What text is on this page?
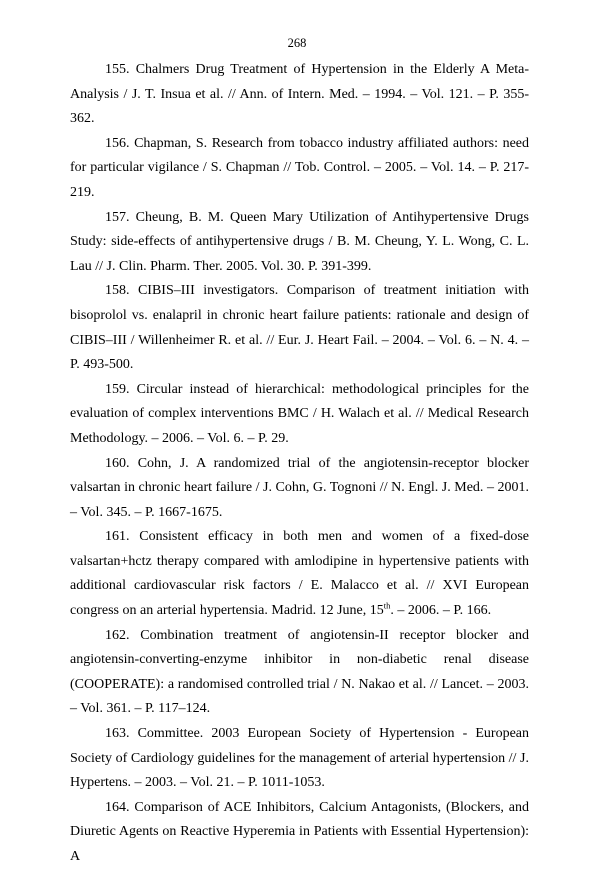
268

155. Chalmers Drug Treatment of Hypertension in the Elderly A Meta-Analysis / J. T. Insua et al. // Ann. of Intern. Med. – 1994. – Vol. 121. – P. 355-362.

156. Chapman, S. Research from tobacco industry affiliated authors: need for particular vigilance / S. Chapman // Tob. Control. – 2005. – Vol. 14. – P. 217-219.

157. Cheung, B. M. Queen Mary Utilization of Antihypertensive Drugs Study: side-effects of antihypertensive drugs / B. M. Cheung, Y. L. Wong, C. L. Lau // J. Clin. Pharm. Ther. 2005. Vol. 30. P. 391-399.

158. CIBIS–III investigators. Comparison of treatment initiation with bisoprolol vs. enalapril in chronic heart failure patients: rationale and design of CIBIS–III / Willenheimer R. et al. // Eur. J. Heart Fail. – 2004. – Vol. 6. – N. 4. – P. 493-500.

159. Circular instead of hierarchical: methodological principles for the evaluation of complex interventions BMC / H. Walach et al. // Medical Research Methodology. – 2006. – Vol. 6. – P. 29.

160. Cohn, J. A randomized trial of the angiotensin-receptor blocker valsartan in chronic heart failure / J. Cohn, G. Tognoni // N. Engl. J. Med. – 2001. – Vol. 345. – P. 1667-1675.

161. Consistent efficacy in both men and women of a fixed-dose valsartan+hctz therapy compared with amlodipine in hypertensive patients with additional cardiovascular risk factors / E. Malacco et al. // XVI European congress on an arterial hypertensia. Madrid. 12 June, 15th. – 2006. – P. 166.

162. Combination treatment of angiotensin-II receptor blocker and angiotensin-converting-enzyme inhibitor in non-diabetic renal disease (COOPERATE): a randomised controlled trial / N. Nakao et al. // Lancet. – 2003. – Vol. 361. – P. 117–124.

163. Committee. 2003 European Society of Hypertension - European Society of Cardiology guidelines for the management of arterial hypertension // J. Hypertens. – 2003. – Vol. 21. – P. 1011-1053.

164. Comparison of ACE Inhibitors, Calcium Antagonists, (Blockers, and Diuretic Agents on Reactive Hyperemia in Patients with Essential Hypertension): A
